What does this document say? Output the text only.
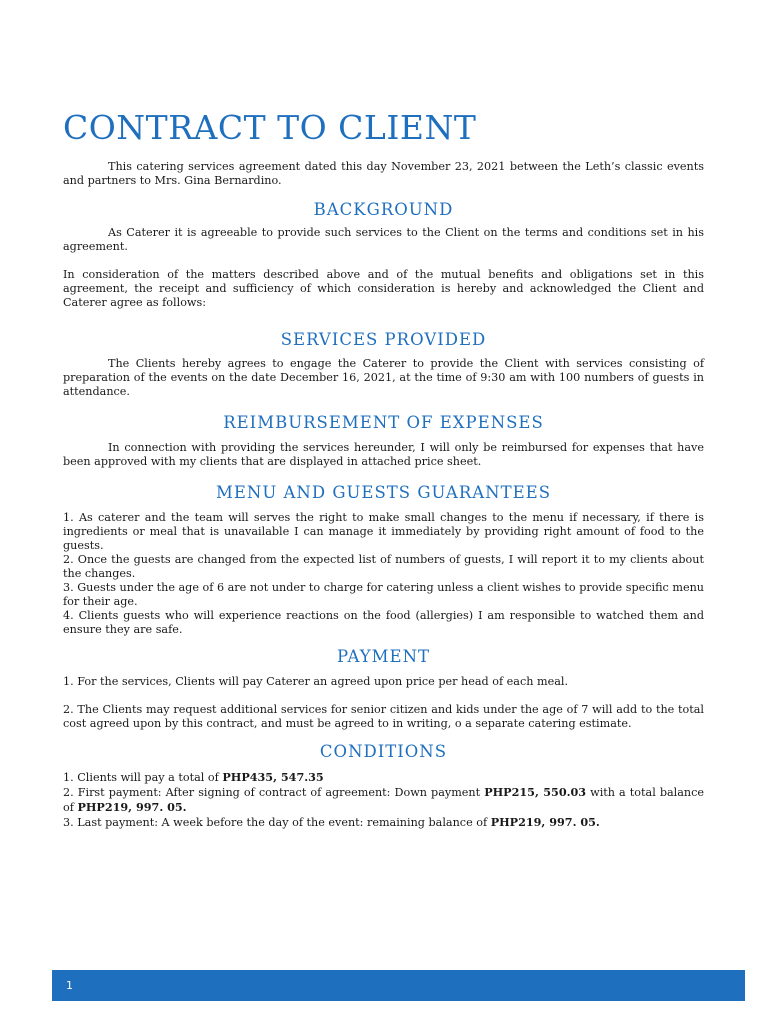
CONTRACT TO CLIENT

This catering services agreement dated this day November 23, 2021 between the Leth’s classic events and partners to Mrs. Gina Bernardino.

BACKGROUND

As Caterer it is agreeable to provide such services to the Client on the terms and conditions set in his agreement.

In consideration of the matters described above and of the mutual benefits and obligations set in this agreement, the receipt and sufficiency of which consideration is hereby and acknowledged the Client and Caterer agree as follows:

SERVICES PROVIDED

The Clients hereby agrees to engage the Caterer to provide the Client with services consisting of preparation of the events on the date December 16, 2021, at the time of 9:30 am with 100 numbers of guests in attendance.

REIMBURSEMENT OF EXPENSES

In connection with providing the services hereunder, I will only be reimbursed for expenses that have been approved with my clients that are displayed in attached price sheet.

MENU AND GUESTS GUARANTEES
1. As caterer and the team will serves the right to make small changes to the menu if necessary, if there is ingredients or meal that is unavailable I can manage it immediately by providing right amount of food to the guests.
2. Once the guests are changed from the expected list of numbers of guests, I will report it to my clients about the changes.
3. Guests under the age of 6 are not under to charge for catering unless a client wishes to provide specific menu for their age.
4. Clients guests who will experience reactions on the food (allergies) I am responsible to watched them and ensure they are safe.
PAYMENT

1. For the services, Clients will pay Caterer an agreed upon price per head of each meal.

2. The Clients may request additional services for senior citizen and kids under the age of 7 will add to the total cost agreed upon by this contract, and must be agreed to in writing, o a separate catering estimate.

CONDITIONS

1. Clients will pay a total of PHP435, 547.35

2. First payment: After signing of contract of agreement: Down payment PHP215, 550.03 with a total balance of PHP219, 997. 05.

3. Last payment: A week before the day of the event: remaining balance of PHP219, 997. 05.

1
